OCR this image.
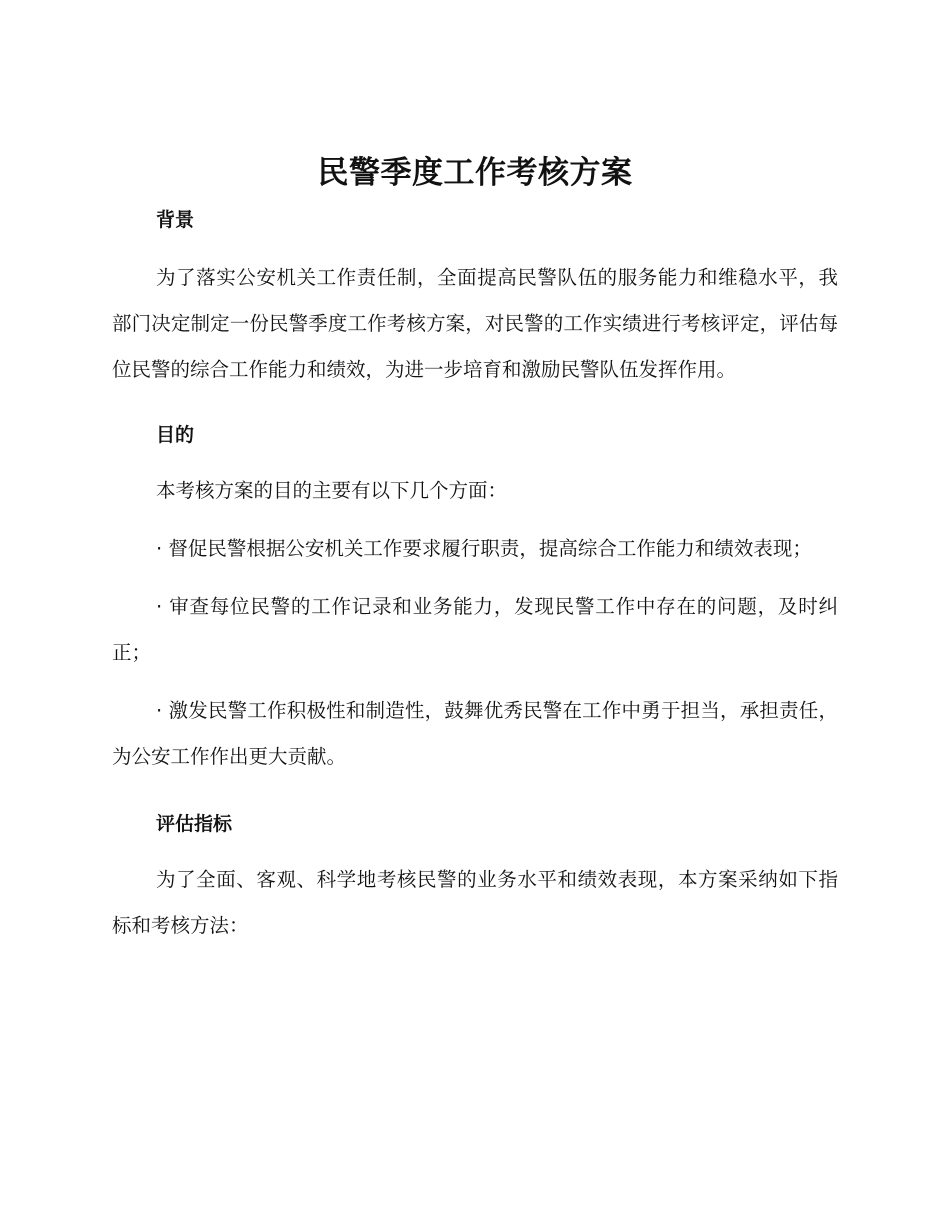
民警季度工作考核方案
背景

为了落实公安机关工作责任制，全面提高民警队伍的服务能力和维稳水平，我部门决定制定一份民警季度工作考核方案，对民警的工作实绩进行考核评定，评估每位民警的综合工作能力和绩效，为进一步培育和激励民警队伍发挥作用。

目的

本考核方案的目的主要有以下几个方面：

· 督促民警根据公安机关工作要求履行职责，提高综合工作能力和绩效表现；

· 审查每位民警的工作记录和业务能力，发现民警工作中存在的问题，及时纠正；

· 激发民警工作积极性和制造性，鼓舞优秀民警在工作中勇于担当，承担责任，为公安工作作出更大贡献。

评估指标

为了全面、客观、科学地考核民警的业务水平和绩效表现，本方案采纳如下指标和考核方法：
